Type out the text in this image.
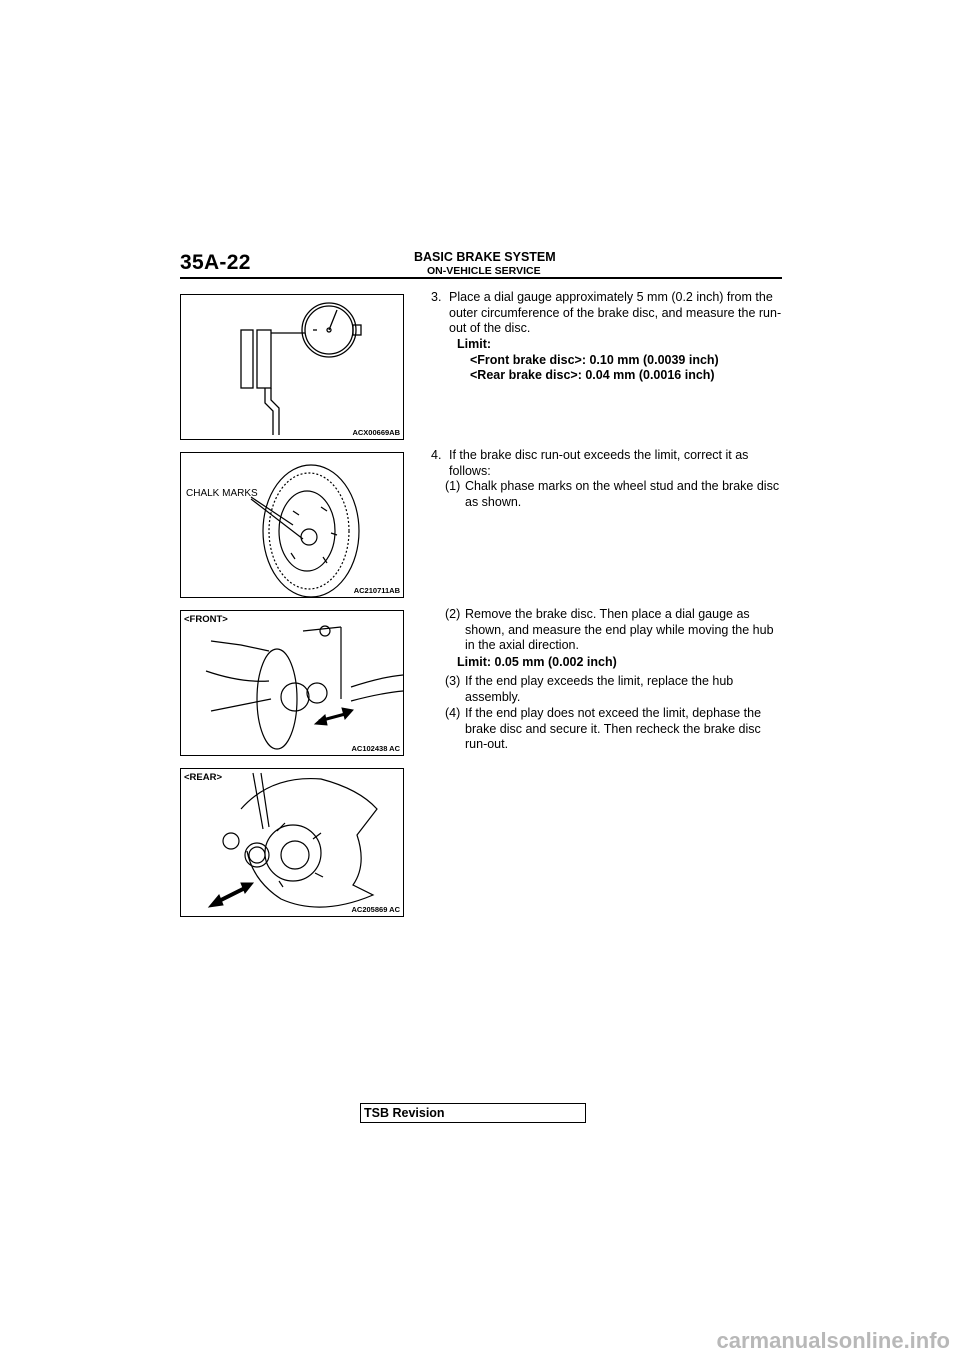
35A-22	BASIC BRAKE SYSTEM
ON-VEHICLE SERVICE
ACX00669AB
CHALK MARKS
AC210711AB
<FRONT>
AC102438 AC
<REAR>
AC205869 AC
3. Place a dial gauge approximately 5 mm (0.2 inch) from the
outer circumference of the brake disc, and measure the run-
out of the disc.
Limit:
<Front brake disc>: 0.10 mm (0.0039 inch)
<Rear brake disc>: 0.04 mm (0.0016 inch)
4. If the brake disc run-out exceeds the limit, correct it as
follows:
(1) Chalk phase marks on the wheel stud and the brake disc
as shown.
(2) Remove the brake disc. Then place a dial gauge as
shown, and measure the end play while moving the hub
in the axial direction.
Limit: 0.05 mm (0.002 inch)
(3) If the end play exceeds the limit, replace the hub
assembly.
(4) If the end play does not exceed the limit, dephase the
brake disc and secure it. Then recheck the brake disc
run-out.
TSB Revision
carmanualsonline.info
